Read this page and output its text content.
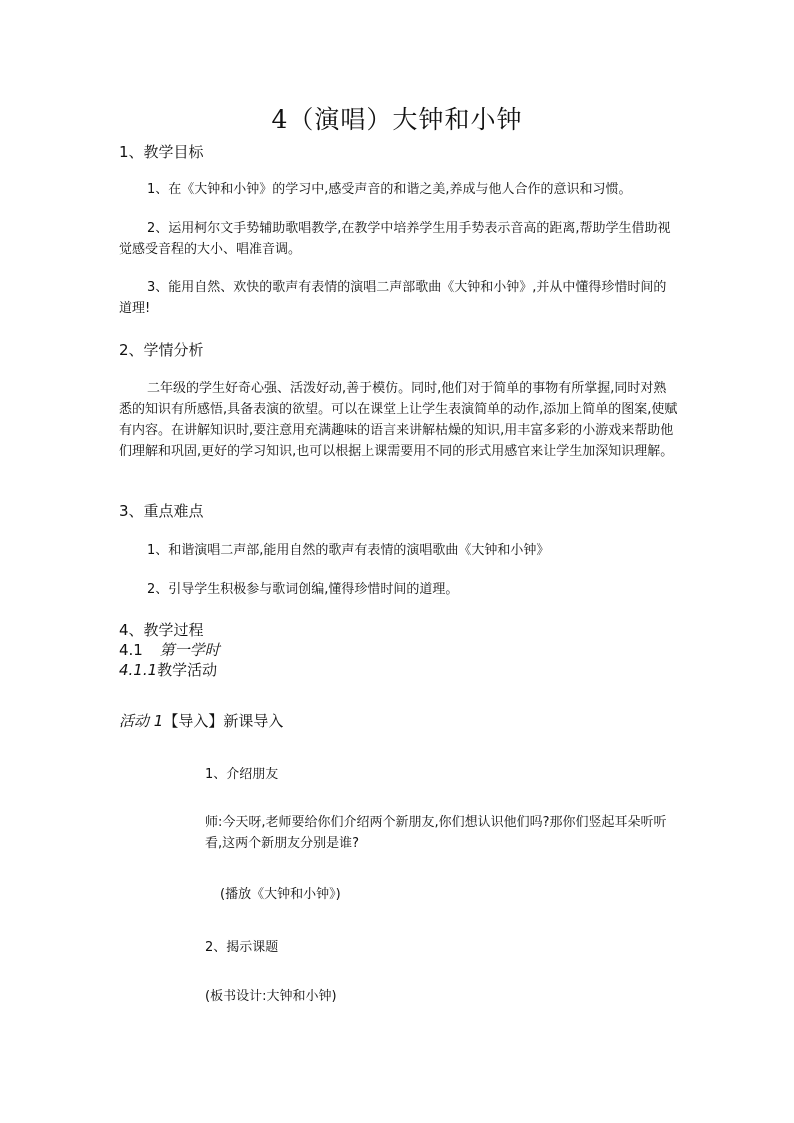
4（演唱）大钟和小钟
1、教学目标
1、在《大钟和小钟》的学习中,感受声音的和谐之美,养成与他人合作的意识和习惯。
2、运用柯尔文手势辅助歌唱教学,在教学中培养学生用手势表示音高的距离,帮助学生借助视觉感受音程的大小、唱准音调。
3、能用自然、欢快的歌声有表情的演唱二声部歌曲《大钟和小钟》,并从中懂得珍惜时间的道理!
2、学情分析
二年级的学生好奇心强、活泼好动,善于模仿。同时,他们对于简单的事物有所掌握,同时对熟悉的知识有所感悟,具备表演的欲望。可以在课堂上让学生表演简单的动作,添加上简单的图案,使赋有内容。在讲解知识时,要注意用充满趣味的语言来讲解枯燥的知识,用丰富多彩的小游戏来帮助他们理解和巩固,更好的学习知识,也可以根据上课需要用不同的形式用感官来让学生加深知识理解。
3、重点难点
1、和谐演唱二声部,能用自然的歌声有表情的演唱歌曲《大钟和小钟》
2、引导学生积极参与歌词创编,懂得珍惜时间的道理。
4、教学过程
4.1 第一学时
4.1.1教学活动
活动 1【导入】新课导入
1、介绍朋友
师:今天呀,老师要给你们介绍两个新朋友,你们想认识他们吗?那你们竖起耳朵听听看,这两个新朋友分别是谁?
(播放《大钟和小钟》)
2、揭示课题
(板书设计:大钟和小钟)
